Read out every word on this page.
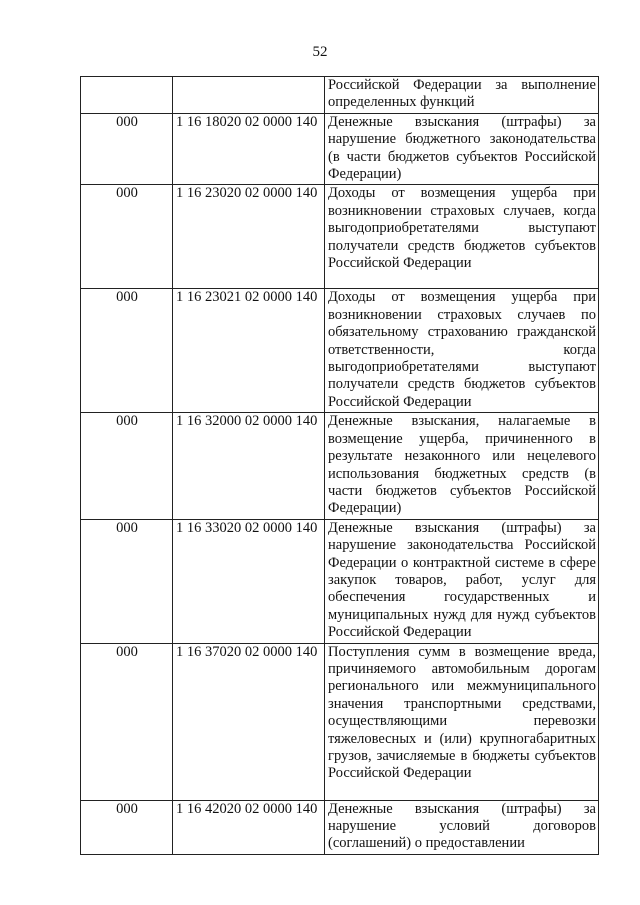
52
		Российской Федерации за выполнение определенных функций
000	1 16 18020 02 0000 140	Денежные взыскания (штрафы) за нарушение бюджетного законодательства (в части бюджетов субъектов Российской Федерации)
000	1 16 23020 02 0000 140	Доходы от возмещения ущерба при возникновении страховых случаев, когда выгодоприобретателями выступают получатели средств бюджетов субъектов Российской Федерации
000	1 16 23021 02 0000 140	Доходы от возмещения ущерба при возникновении страховых случаев по обязательному страхованию гражданской ответственности, когда выгодоприобретателями выступают получатели средств бюджетов субъектов Российской Федерации
000	1 16 32000 02 0000 140	Денежные взыскания, налагаемые в возмещение ущерба, причиненного в результате незаконного или нецелевого использования бюджетных средств (в части бюджетов субъектов Российской Федерации)
000	1 16 33020 02 0000 140	Денежные взыскания (штрафы) за нарушение законодательства Российской Федерации о контрактной системе в сфере закупок товаров, работ, услуг для обеспечения государственных и муниципальных нужд для нужд субъектов Российской Федерации
000	1 16 37020 02 0000 140	Поступления сумм в возмещение вреда, причиняемого автомобильным дорогам регионального или межмуниципального значения транспортными средствами, осуществляющими перевозки тяжеловесных и (или) крупногабаритных грузов, зачисляемые в бюджеты субъектов Российской Федерации
000	1 16 42020 02 0000 140	Денежные взыскания (штрафы) за нарушение условий договоров (соглашений) о предоставлении
